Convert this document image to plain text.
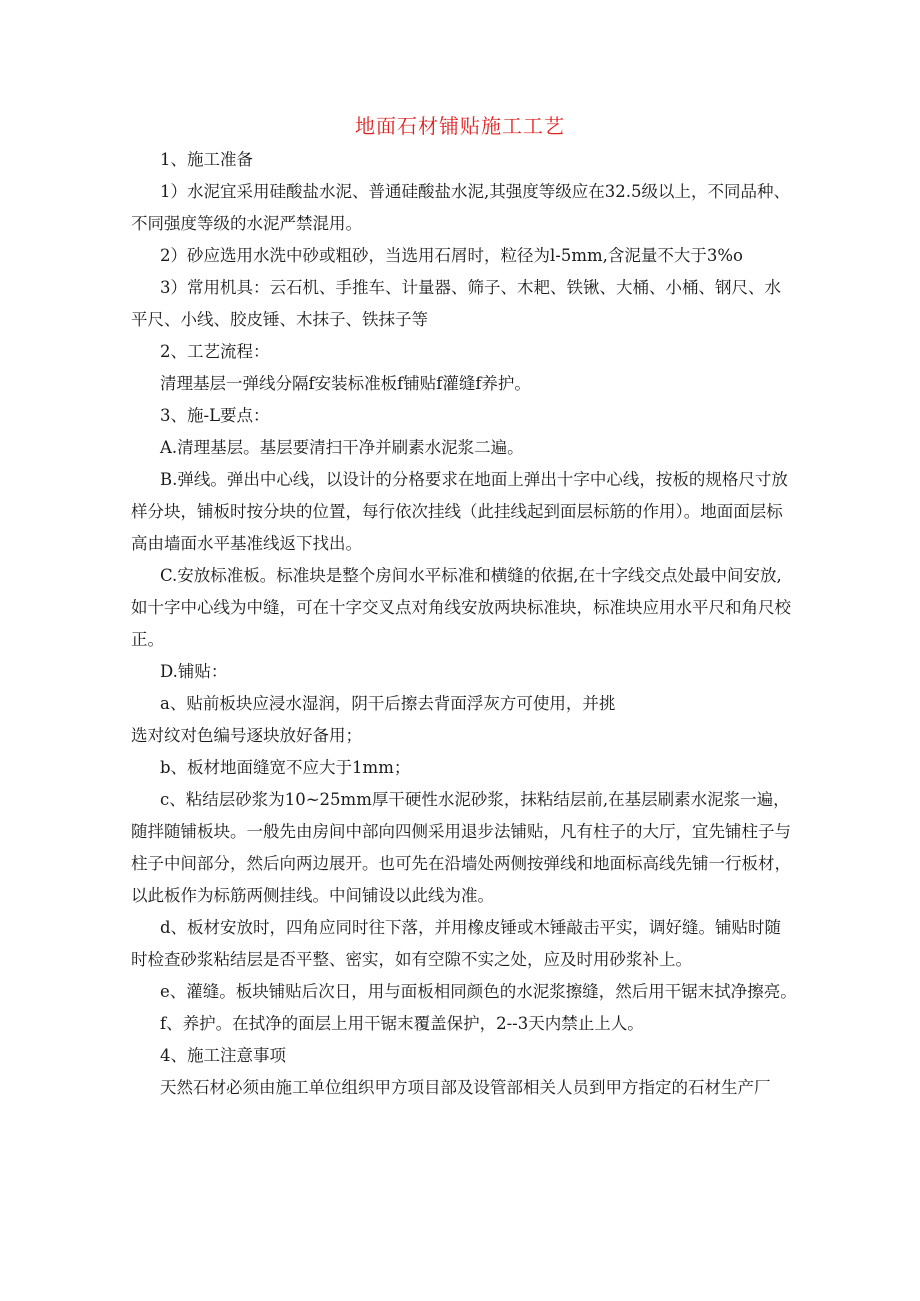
地面石材铺贴施工工艺

1、施工准备

1）水泥宜采用硅酸盐水泥、普通硅酸盐水泥,其强度等级应在32.5级以上，不同品种、

不同强度等级的水泥严禁混用。

2）砂应选用水洗中砂或粗砂，当选用石屑时，粒径为l-5mm,含泥量不大于3%o

3）常用机具：云石机、手推车、计量器、筛子、木耙、铁锹、大桶、小桶、钢尺、水

平尺、小线、胶皮锤、木抹子、铁抹子等

2、工艺流程：

清理基层一弹线分隔f安装标准板f铺贴f灌缝f养护。

3、施-L要点：

A.清理基层。基层要清扫干净并刷素水泥浆二遍。

B.弹线。弹出中心线，以设计的分格要求在地面上弹出十字中心线，按板的规格尺寸放

样分块，铺板时按分块的位置，每行依次挂线（此挂线起到面层标筋的作用）。地面面层标

高由墙面水平基准线返下找出。

C.安放标准板。标准块是整个房间水平标准和横缝的依据,在十字线交点处最中间安放,

如十字中心线为中缝，可在十字交叉点对角线安放两块标准块，标准块应用水平尺和角尺校

正。

D.铺贴：

a、贴前板块应浸水湿润，阴干后擦去背面浮灰方可使用，并挑

选对纹对色编号逐块放好备用；

b、板材地面缝宽不应大于1mm；

c、粘结层砂浆为10~25mm厚干硬性水泥砂浆，抹粘结层前,在基层刷素水泥浆一遍，

随拌随铺板块。一般先由房间中部向四侧采用退步法铺贴，凡有柱子的大厅，宜先铺柱子与

柱子中间部分，然后向两边展开。也可先在沿墙处两侧按弹线和地面标高线先铺一行板材，

以此板作为标筋两侧挂线。中间铺设以此线为准。

d、板材安放时，四角应同时往下落，并用橡皮锤或木锤敲击平实，调好缝。铺贴时随

时检查砂浆粘结层是否平整、密实，如有空隙不实之处，应及时用砂浆补上。

e、灌缝。板块铺贴后次日，用与面板相同颜色的水泥浆擦缝，然后用干锯末拭净擦亮。

f、养护。在拭净的面层上用干锯末覆盖保护，2--3天内禁止上人。

4、施工注意事项

天然石材必须由施工单位组织甲方项目部及设管部相关人员到甲方指定的石材生产厂
